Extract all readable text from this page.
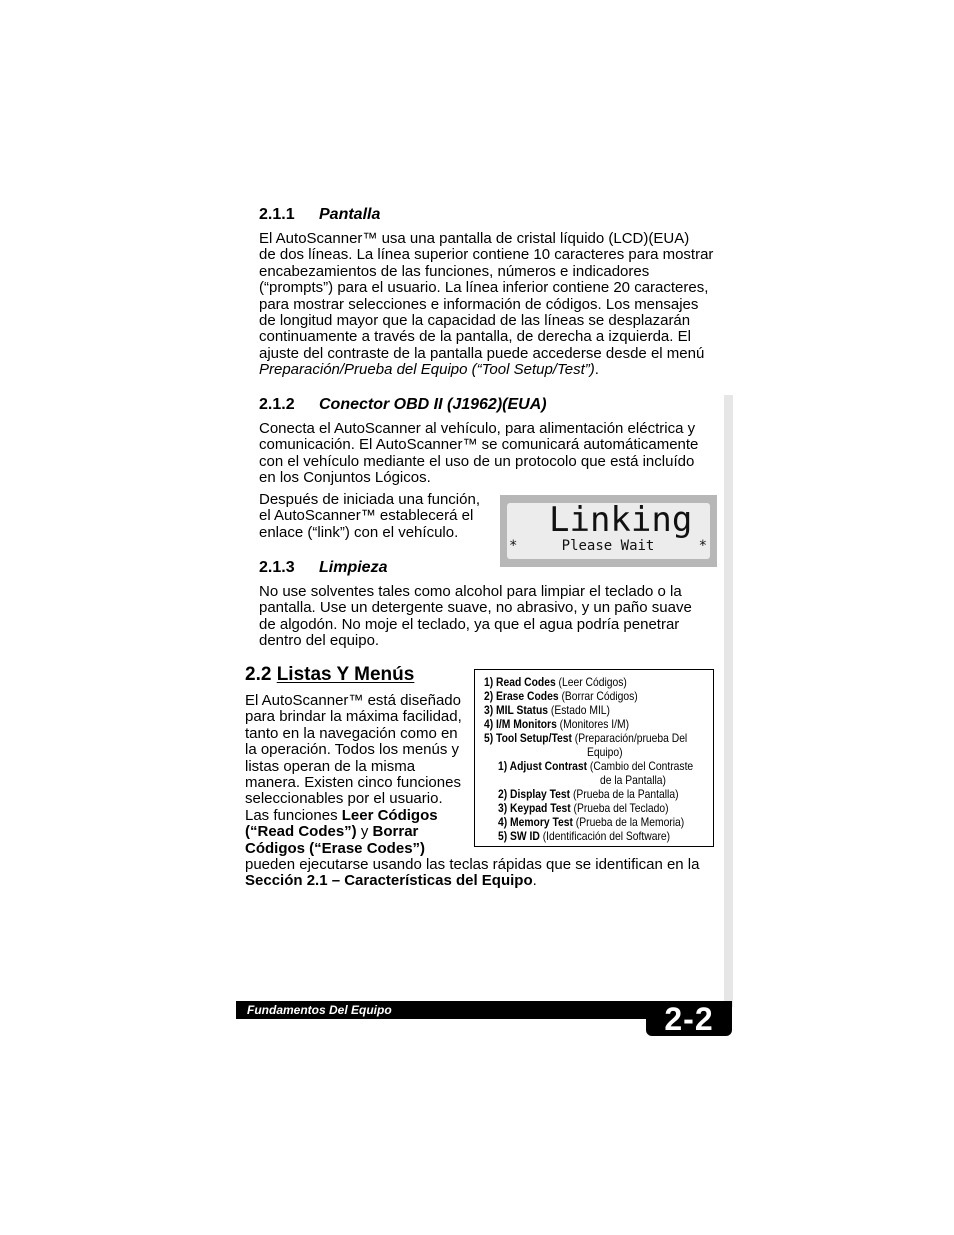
2.1.1 Pantalla
El AutoScanner™ usa una pantalla de cristal líquido (LCD)(EUA)
de dos líneas. La línea superior contiene 10 caracteres para mostrar
encabezamientos de las funciones, números e indicadores
(“prompts”) para el usuario. La línea inferior contiene 20 caracteres,
para mostrar selecciones e información de códigos. Los mensajes
de longitud mayor que la capacidad de las líneas se desplazarán
continuamente a través de la pantalla, de derecha a izquierda. El
ajuste del contraste de la pantalla puede accederse desde el menú
Preparación/Prueba del Equipo (“Tool Setup/Test”).
2.1.2 Conector OBD II (J1962)(EUA)
Conecta el AutoScanner al vehículo, para alimentación eléctrica y
comunicación. El AutoScanner™ se comunicará automáticamente
con el vehículo mediante el uso de un protocolo que está incluído
en los Conjuntos Lógicos.
Después de iniciada una función,
el AutoScanner™ establecerá el
enlace (“link”) con el vehículo.	Linking
*	Please Wait	*
2.1.3 Limpieza
No use solventes tales como alcohol para limpiar el teclado o la
pantalla. Use un detergente suave, no abrasivo, y un paño suave
de algodón. No moje el teclado, ya que el agua podría penetrar
dentro del equipo.
2.2 Listas Y Menús
El AutoScanner™ está diseñado
para brindar la máxima facilidad,
tanto en la navegación como en
la operación. Todos los menús y
listas operan de la misma
manera. Existen cinco funciones
seleccionables por el usuario.
Las funciones Leer Códigos
(“Read Codes”) y Borrar
Códigos (“Erase Codes”)
pueden ejecutarse usando las teclas rápidas que se identifican en la
Sección 2.1 – Características del Equipo.
1) Read Codes (Leer Códigos)
2) Erase Codes (Borrar Códigos)
3) MIL Status (Estado MIL)
4) I/M Monitors (Monitores I/M)
5) Tool Setup/Test (Preparación/prueba Del
Equipo)
1) Adjust Contrast (Cambio del Contraste
de la Pantalla)
2) Display Test (Prueba de la Pantalla)
3) Keypad Test (Prueba del Teclado)
4) Memory Test (Prueba de la Memoria)
5) SW ID (Identificación del Software)
Fundamentos Del Equipo	2-2
